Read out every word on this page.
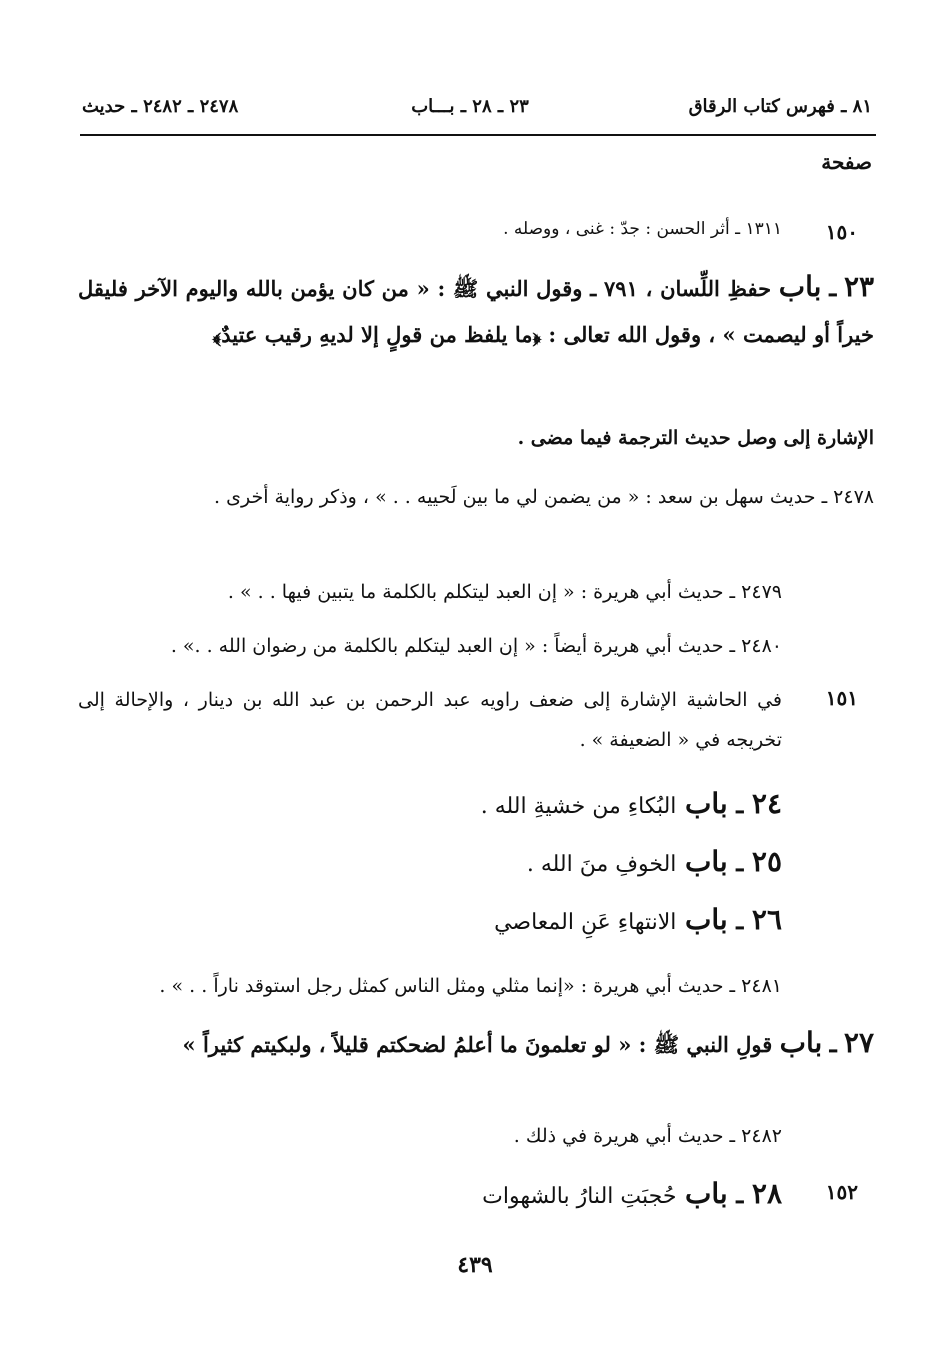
٨١ ـ فهرس كتاب الرقاق
٢٣ ـ ٢٨ ـ بـــاب
٢٤٧٨ ـ ٢٤٨٢ ـ حديث
صفحة
١٥٠
١٣١١ ـ أثر الحسن : جدّ : غنى ، ووصله .
٢٣ ـ باب حفظِ اللِّسان ، ٧٩١ ـ وقول النبي ﷺ : « من كان يؤمن بالله واليوم الآخر فليقل خيراً أو ليصمت » ، وقول الله تعالى : ﴿ما يلفظ من قولٍ إلا لديهِ رقيب عتيدٌ﴾
الإشارة إلى وصل حديث الترجمة فيما مضى .
٢٤٧٨ ـ حديث سهل بن سعد : « من يضمن لي ما بين لَحييه . . » ، وذكر رواية أخرى .
٢٤٧٩ ـ حديث أبي هريرة : « إن العبد ليتكلم بالكلمة ما يتبين فيها . . » .
٢٤٨٠ ـ حديث أبي هريرة أيضاً : « إن العبد ليتكلم بالكلمة من رضوان الله . .» .
١٥١
في الحاشية الإشارة إلى ضعف راويه عبد الرحمن بن عبد الله بن دينار ، والإحالة إلى تخريجه في « الضعيفة » .
٢٤ ـ باب البُكاءِ من خشيةِ الله .
٢٥ ـ باب الخوفِ منَ الله .
٢٦ ـ باب الانتهاءِ عَنِ المعاصي
٢٤٨١ ـ حديث أبي هريرة : «إنما مثلي ومثل الناس كمثل رجل استوقد ناراً . . » .
٢٧ ـ باب قولِ النبي ﷺ : « لو تعلمونَ ما أعلمُ لضحكتم قليلاً ، ولبكيتم كثيراً »
٢٤٨٢ ـ حديث أبي هريرة في ذلك .
١٥٢
٢٨ ـ باب حُجبَتِ النارُ بالشهوات
٤٣٩
